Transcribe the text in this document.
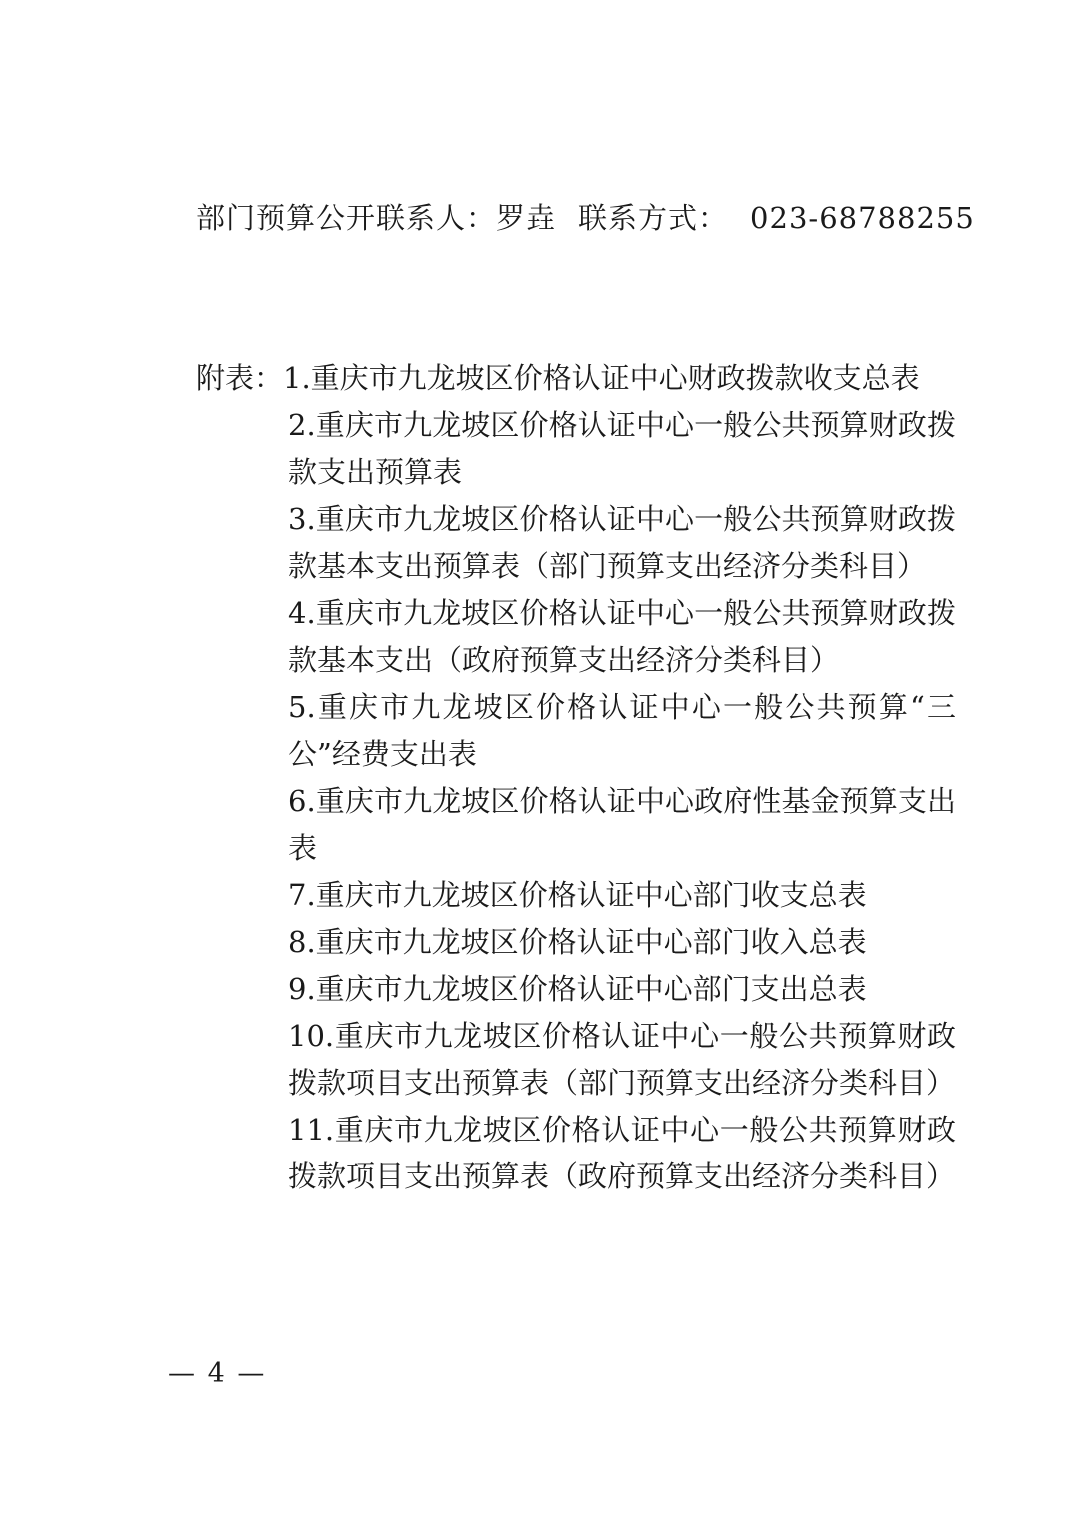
部门预算公开联系人：罗垚 联系方式： 023-68788255
附表：1.重庆市九龙坡区价格认证中心财政拨款收支总表
2.重庆市九龙坡区价格认证中心一般公共预算财政拨款支出预算表
3.重庆市九龙坡区价格认证中心一般公共预算财政拨款基本支出预算表（部门预算支出经济分类科目）
4.重庆市九龙坡区价格认证中心一般公共预算财政拨款基本支出（政府预算支出经济分类科目）
5.重庆市九龙坡区价格认证中心一般公共预算“三公”经费支出表
6.重庆市九龙坡区价格认证中心政府性基金预算支出表
7.重庆市九龙坡区价格认证中心部门收支总表
8.重庆市九龙坡区价格认证中心部门收入总表
9.重庆市九龙坡区价格认证中心部门支出总表
10.重庆市九龙坡区价格认证中心一般公共预算财政拨款项目支出预算表（部门预算支出经济分类科目）
11.重庆市九龙坡区价格认证中心一般公共预算财政拨款项目支出预算表（政府预算支出经济分类科目）
— 4 —
